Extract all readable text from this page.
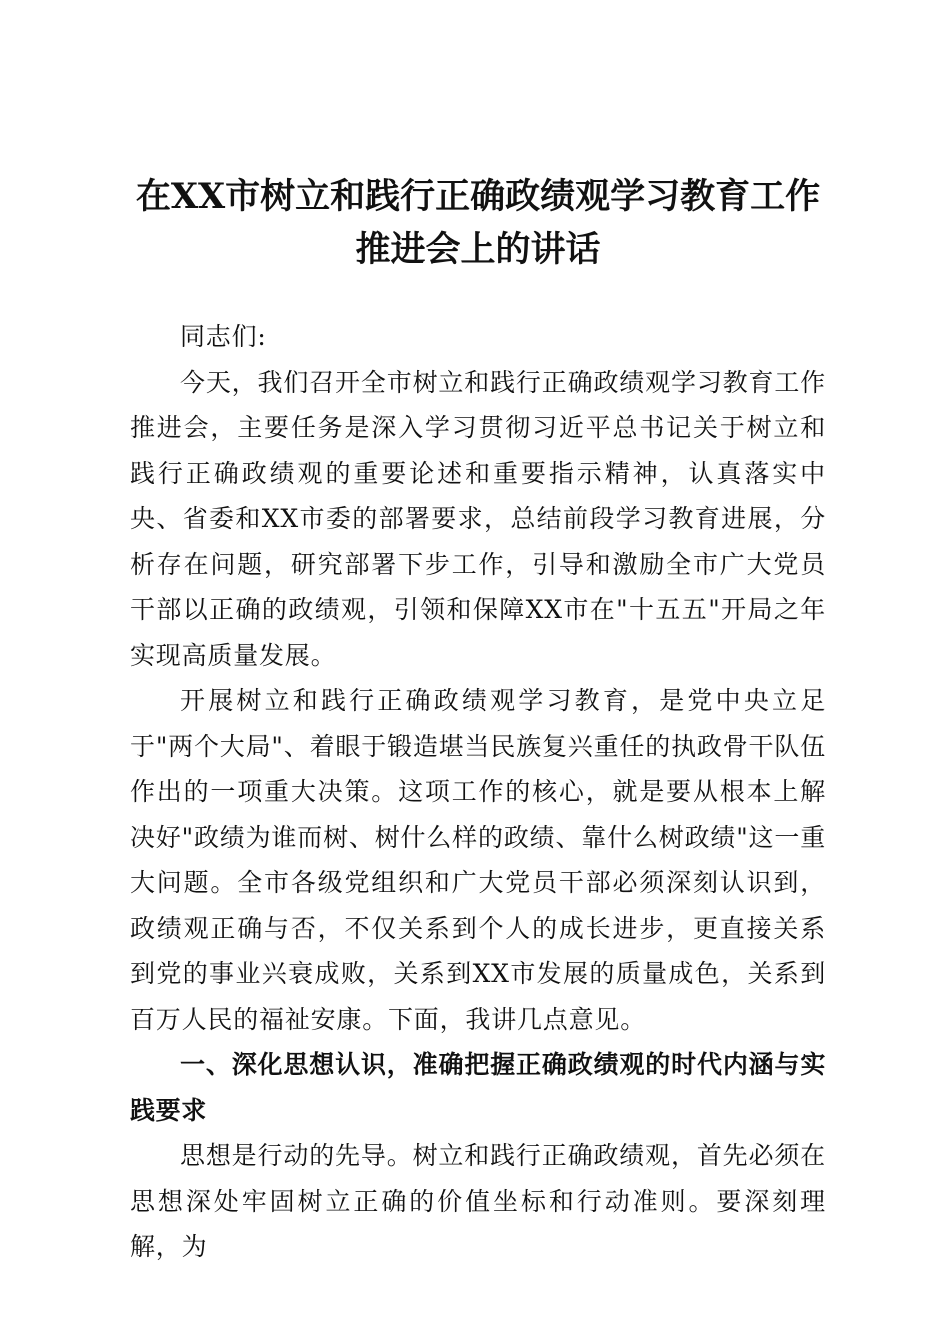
在XX市树立和践行正确政绩观学习教育工作
推进会上的讲话

同志们:

今天，我们召开全市树立和践行正确政绩观学习教育工作推进会，主要任务是深入学习贯彻习近平总书记关于树立和践行正确政绩观的重要论述和重要指示精神，认真落实中央、省委和XX市委的部署要求，总结前段学习教育进展，分析存在问题，研究部署下步工作，引导和激励全市广大党员干部以正确的政绩观，引领和保障XX市在"十五五"开局之年实现高质量发展。

开展树立和践行正确政绩观学习教育，是党中央立足于"两个大局"、着眼于锻造堪当民族复兴重任的执政骨干队伍作出的一项重大决策。这项工作的核心，就是要从根本上解决好"政绩为谁而树、树什么样的政绩、靠什么树政绩"这一重大问题。全市各级党组织和广大党员干部必须深刻认识到，政绩观正确与否，不仅关系到个人的成长进步，更直接关系到党的事业兴衰成败，关系到XX市发展的质量成色，关系到百万人民的福祉安康。下面，我讲几点意见。

一、深化思想认识，准确把握正确政绩观的时代内涵与实践要求

思想是行动的先导。树立和践行正确政绩观，首先必须在思想深处牢固树立正确的价值坐标和行动准则。要深刻理解，为
